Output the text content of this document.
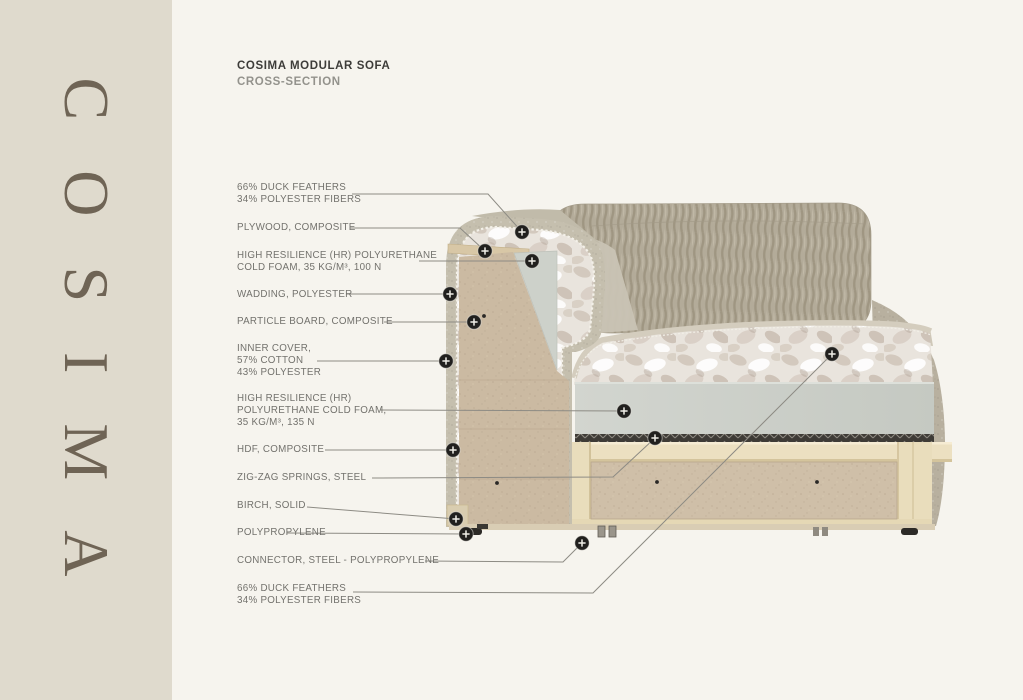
COSIMA
COSIMA MODULAR SOFA
CROSS-SECTION
66% DUCK FEATHERS
34% POLYESTER FIBERS
PLYWOOD, COMPOSITE
HIGH RESILIENCE (HR) POLYURETHANE
COLD FOAM, 35 KG/M³, 100 N
WADDING, POLYESTER
PARTICLE BOARD, COMPOSITE
INNER COVER,
57% COTTON
43% POLYESTER
HIGH RESILIENCE (HR)
POLYURETHANE COLD FOAM,
35 KG/M³, 135 N
HDF, COMPOSITE
ZIG-ZAG SPRINGS, STEEL
BIRCH, SOLID
POLYPROPYLENE
CONNECTOR, STEEL - POLYPROPYLENE
66% DUCK FEATHERS
34% POLYESTER FIBERS
